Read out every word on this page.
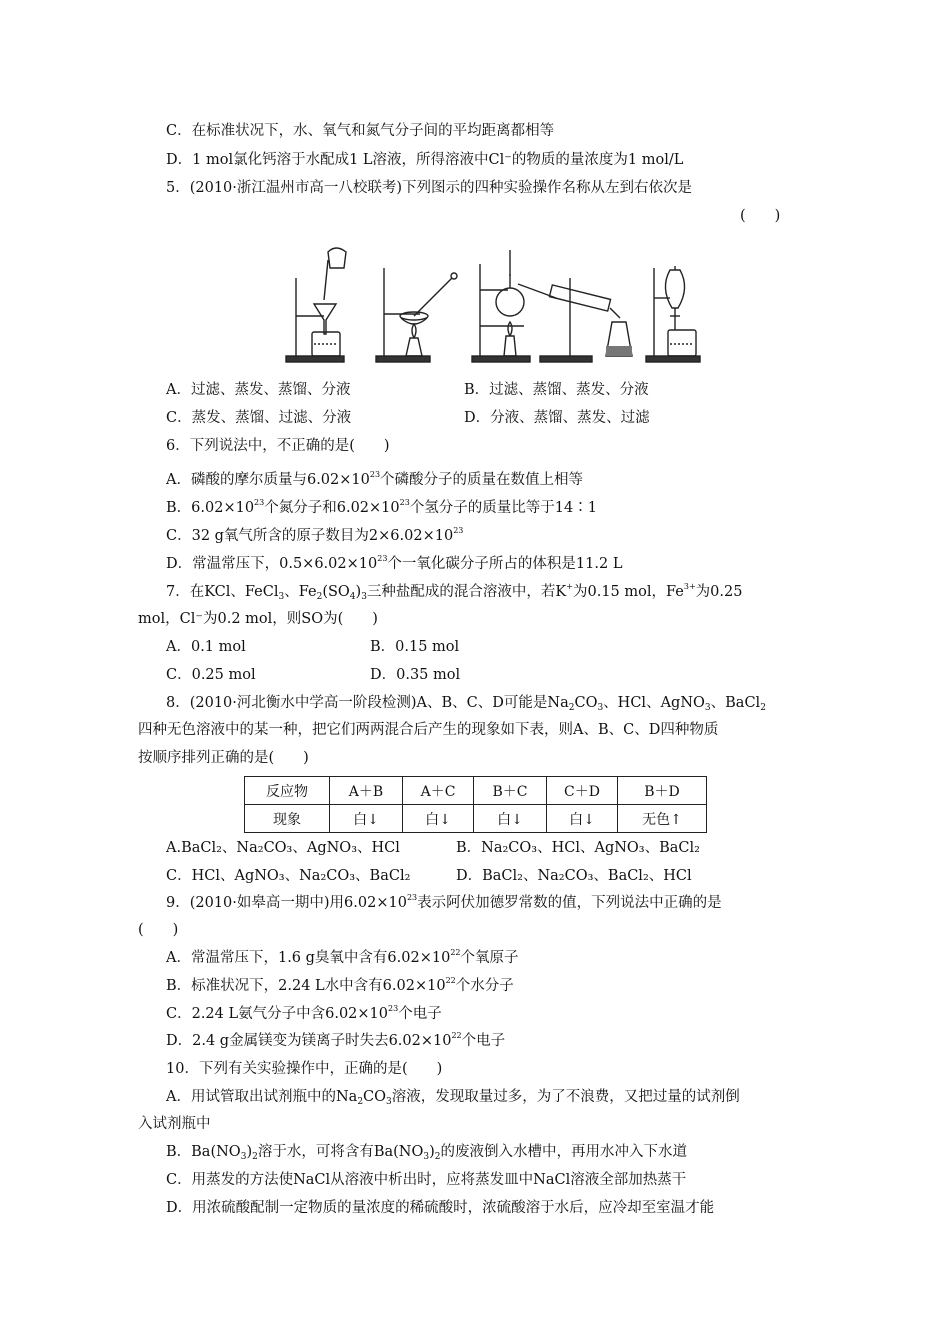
C．在标准状况下，水、氧气和氮气分子间的平均距离都相等
D．1 mol氯化钙溶于水配成1 L溶液，所得溶液中Cl⁻的物质的量浓度为1 mol/L
5．(2010·浙江温州市高一八校联考)下列图示的四种实验操作名称从左到右依次是
(　　)
A．过滤、蒸发、蒸馏、分液	B．过滤、蒸馏、蒸发、分液
C．蒸发、蒸馏、过滤、分液	D．分液、蒸馏、蒸发、过滤
6．下列说法中，不正确的是(　　)
A．磷酸的摩尔质量与$6.02\times 10^{23}$个磷酸分子的质量在数值上相等
B．$6.02\times 10^{23}$个氮分子和$6.02\times 10^{23}$个氢分子的质量比等于14∶1
C．32 g氧气所含的原子数目为$2\times 6.02\times 10^{23}$
D．常温常压下，$0.5\times 6.02\times 10^{23}$个一氧化碳分子所占的体积是11.2 L
7．在KCl、FeCl$_3$、$Fe_2(SO_4)_3$三种盐配成的混合溶液中，若K+为0.15 mol，$Fe^{3+}$为0.25
mol，Cl⁻为0.2 mol，则SO为(　　)
A．0.1 mol	B．0.15 mol
C．0.25 mol	D．0.35 mol
8．(2010·河北衡水中学高一阶段检测)A、B、C、D可能是$Na_2CO_3$、HCl、AgNO$_3$、BaCl$_2$
四种无色溶液中的某一种，把它们两两混合后产生的现象如下表，则A、B、C、D四种物质
按顺序排列正确的是(　　)
反应物	A＋B	A＋C	B＋C	C＋D	B＋D
现象	白↓	白↓	白↓	白↓	无色↑
A.BaCl₂、Na₂CO₃、AgNO₃、HCl	B．Na₂CO₃、HCl、AgNO₃、BaCl₂
C．HCl、AgNO₃、Na₂CO₃、BaCl₂	D．BaCl₂、Na₂CO₃、BaCl₂、HCl
9．(2010·如皋高一期中)用$6.02\times 10^{23}$表示阿伏加德罗常数的值，下列说法中正确的是
(　　)
A．常温常压下，1.6 g臭氧中含有$6.02\times 10^{22}$个氧原子
B．标准状况下，2.24 L水中含有$6.02\times 10^{22}$个水分子
C．2.24 L氨气分子中含$6.02\times 10^{23}$个电子
D．2.4 g金属镁变为镁离子时失去$6.02\times 10^{22}$个电子
10．下列有关实验操作中，正确的是(　　)
A．用试管取出试剂瓶中的$Na_2CO_3$溶液，发现取量过多，为了不浪费，又把过量的试剂倒
入试剂瓶中
B．$Ba(NO_3)_2$溶于水，可将含有$Ba(NO_3)_2$的废液倒入水槽中，再用水冲入下水道
C．用蒸发的方法使NaCl从溶液中析出时，应将蒸发皿中NaCl溶液全部加热蒸干
D．用浓硫酸配制一定物质的量浓度的稀硫酸时，浓硫酸溶于水后，应冷却至室温才能
